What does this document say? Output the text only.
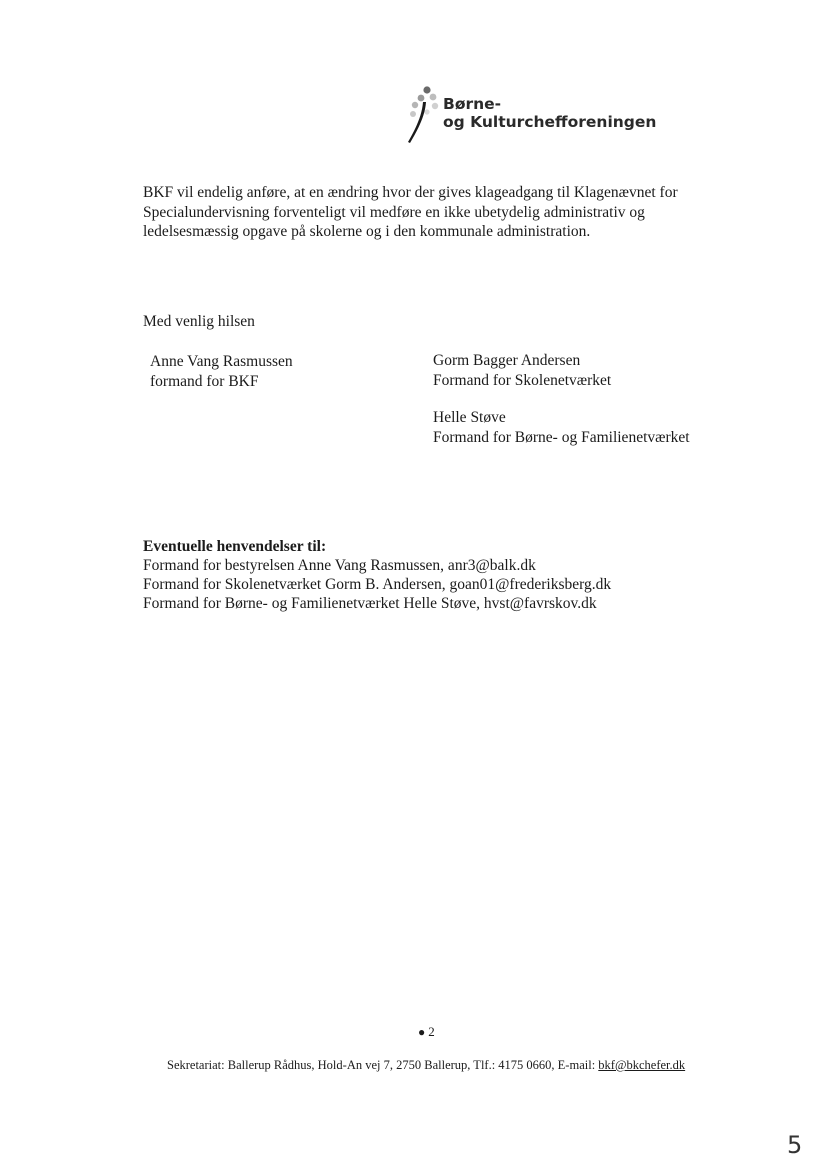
Børne-
og Kulturchefforeningen

BKF vil endelig anføre, at en ændring hvor der gives klageadgang til Klagenævnet for
Specialundervisning forventeligt vil medføre en ikke ubetydelig administrativ og
ledelsesmæssig opgave på skolerne og i den kommunale administration.

Med venlig hilsen
Anne Vang Rasmussen
formand for BKF
Gorm Bagger Andersen
Formand for Skolenetværket
Helle Støve
Formand for Børne- og Familienetværket
Eventuelle henvendelser til:
Formand for bestyrelsen Anne Vang Rasmussen, anr3@balk.dk
Formand for Skolenetværket Gorm B. Andersen, goan01@frederiksberg.dk
Formand for Børne- og Familienetværket Helle Støve, hvst@favrskov.dk
● 2
Sekretariat: Ballerup Rådhus, Hold-An vej 7, 2750 Ballerup, Tlf.: 4175 0660, E-mail: bkf@bkchefer.dk
5
